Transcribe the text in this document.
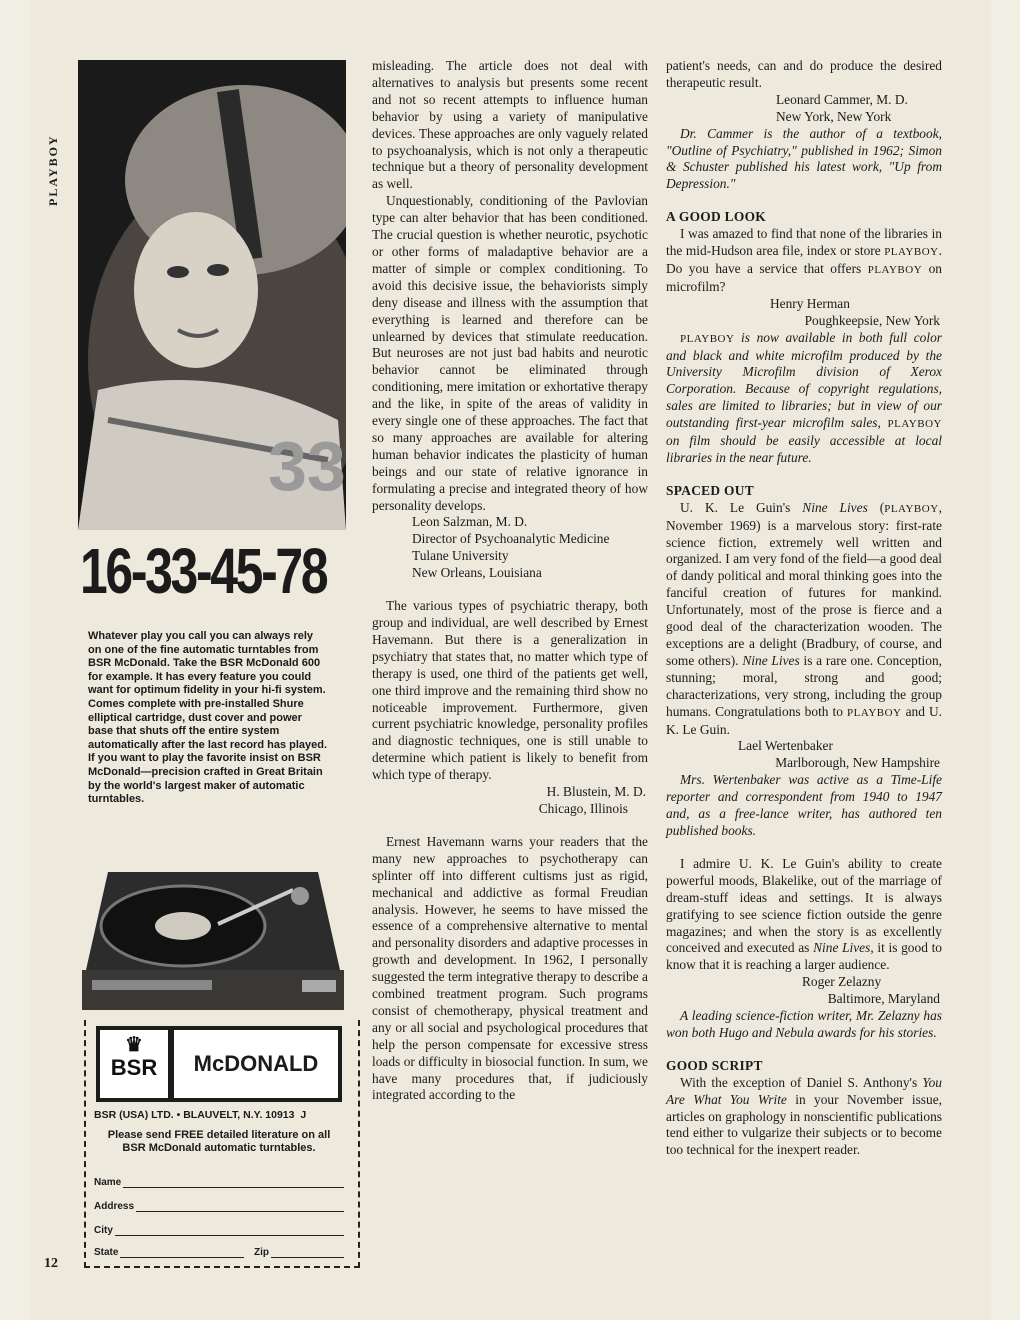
PLAYBOY
12
33
16-33-45-78
Whatever play you call you can always rely on one of the fine automatic turntables from BSR McDonald. Take the BSR McDonald 600 for example. It has every feature you could want for optimum fidelity in your hi-fi system. Comes complete with pre-installed Shure elliptical cartridge, dust cover and power base that shuts off the entire system automatically after the last record has played. If you want to play the favorite insist on BSR McDonald—precision crafted in Great Britain by the world's largest maker of automatic turntables.
♛
BSR	McDONALD
BSR (USA) LTD. • BLAUVELT, N.Y. 10913 J
Please send FREE detailed literature on all BSR McDonald automatic turntables.
Name
Address
City
State	Zip

misleading. The article does not deal with alternatives to analysis but presents some recent and not so recent attempts to influence human behavior by using a variety of manipulative devices. These approaches are only vaguely related to psychoanalysis, which is not only a therapeutic technique but a theory of personality development as well.

Unquestionably, conditioning of the Pavlovian type can alter behavior that has been conditioned. The crucial question is whether neurotic, psychotic or other forms of maladaptive behavior are a matter of simple or complex conditioning. To avoid this decisive issue, the behaviorists simply deny disease and illness with the assumption that everything is learned and therefore can be unlearned by devices that stimulate reeducation. But neuroses are not just bad habits and neurotic behavior cannot be eliminated through conditioning, mere imitation or exhortative therapy and the like, in spite of the areas of validity in every single one of these approaches. The fact that so many approaches are available for altering human behavior indicates the plasticity of human beings and our state of relative ignorance in formulating a precise and integrated theory of how personality develops.

Leon Salzman, M. D.
Director of Psychoanalytic Medicine
Tulane University
New Orleans, Louisiana

The various types of psychiatric therapy, both group and individual, are well described by Ernest Havemann. But there is a generalization in psychiatry that states that, no matter which type of therapy is used, one third of the patients get well, one third improve and the remaining third show no noticeable improvement. Furthermore, given current psychiatric knowledge, personality profiles and diagnostic techniques, one is still unable to determine which patient is likely to benefit from which type of therapy.

H. Blustein, M. D.
Chicago, Illinois

Ernest Havemann warns your readers that the many new approaches to psychotherapy can splinter off into different cultisms just as rigid, mechanical and addictive as formal Freudian analysis. However, he seems to have missed the essence of a comprehensive alternative to mental and personality disorders and adaptive processes in growth and development. In 1962, I personally suggested the term integrative therapy to describe a combined treatment program. Such programs consist of chemotherapy, physical treatment and any or all social and psychological procedures that help the person compensate for excessive stress loads or difficulty in biosocial function. In sum, we have many procedures that, if judiciously integrated according to the

patient's needs, can and do produce the desired therapeutic result.

Leonard Cammer, M. D.
New York, New York

Dr. Cammer is the author of a textbook, "Outline of Psychiatry," published in 1962; Simon & Schuster published his latest work, "Up from Depression."

A GOOD LOOK

I was amazed to find that none of the libraries in the mid-Hudson area file, index or store PLAYBOY. Do you have a service that offers PLAYBOY on microfilm?

Henry Herman
Poughkeepsie, New York

PLAYBOY is now available in both full color and black and white microfilm produced by the University Microfilm division of Xerox Corporation. Because of copyright regulations, sales are limited to libraries; but in view of our outstanding first-year microfilm sales, PLAYBOY on film should be easily accessible at local libraries in the near future.

SPACED OUT

U. K. Le Guin's Nine Lives (PLAYBOY, November 1969) is a marvelous story: first-rate science fiction, extremely well written and organized. I am very fond of the field—a good deal of dandy political and moral thinking goes into the fanciful creation of futures for mankind. Unfortunately, most of the prose is fierce and a good deal of the characterization wooden. The exceptions are a delight (Bradbury, of course, and some others). Nine Lives is a rare one. Conception, stunning; moral, strong and good; characterizations, very strong, including the group humans. Congratulations both to PLAYBOY and U. K. Le Guin.

Lael Wertenbaker
Marlborough, New Hampshire

Mrs. Wertenbaker was active as a Time-Life reporter and correspondent from 1940 to 1947 and, as a free-lance writer, has authored ten published books.

I admire U. K. Le Guin's ability to create powerful moods, Blakelike, out of the marriage of dream-stuff ideas and settings. It is always gratifying to see science fiction outside the genre magazines; and when the story is as excellently conceived and executed as Nine Lives, it is good to know that it is reaching a larger audience.

Roger Zelazny
Baltimore, Maryland

A leading science-fiction writer, Mr. Zelazny has won both Hugo and Nebula awards for his stories.

GOOD SCRIPT

With the exception of Daniel S. Anthony's You Are What You Write in your November issue, articles on graphology in nonscientific publications tend either to vulgarize their subjects or to become too technical for the inexpert reader.
